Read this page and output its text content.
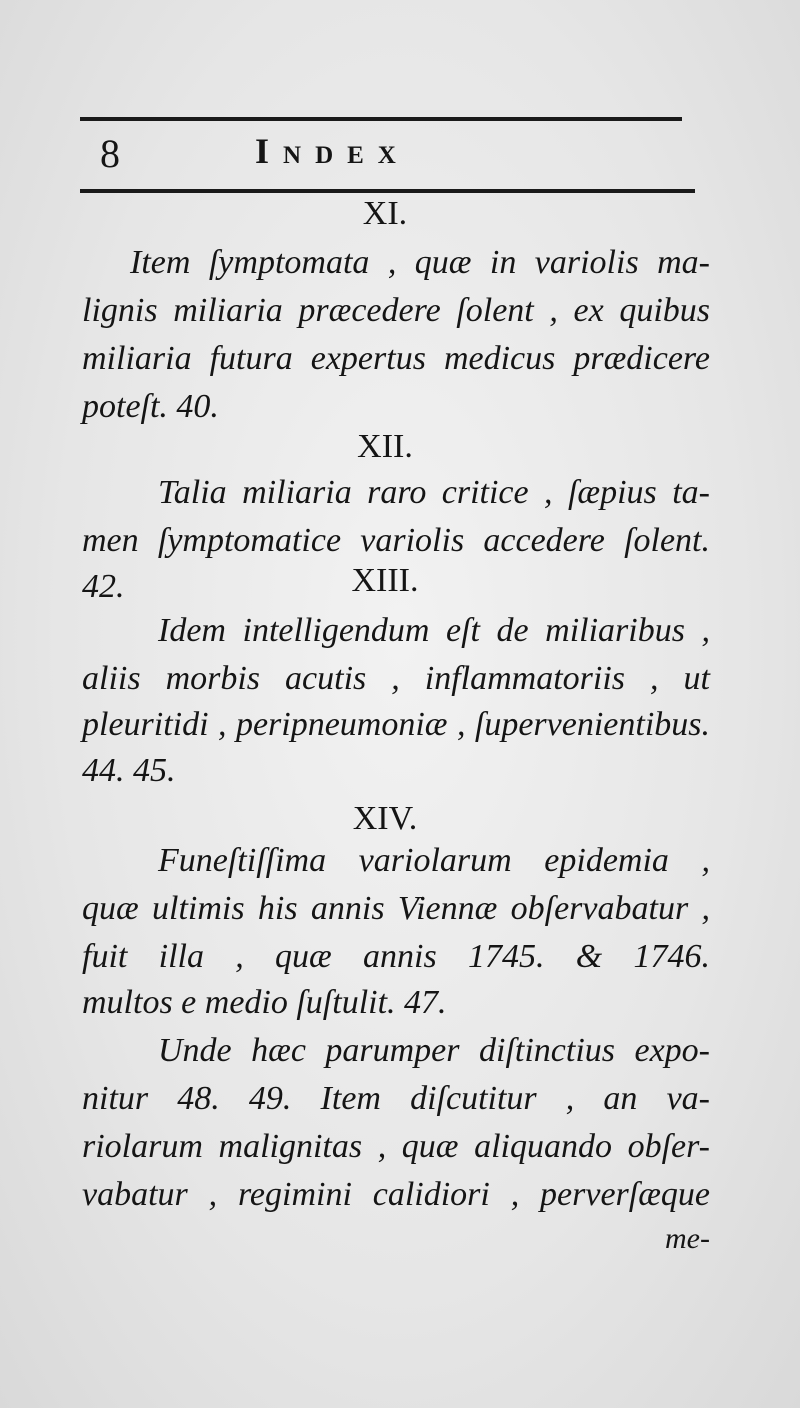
8	Index
XI.
Item ſymptomata , quæ in variolis ma-
lignis miliaria præcedere ſolent , ex quibus
miliaria futura expertus medicus prædicere
poteſt. 40.
XII.
Talia miliaria raro critice , ſæpius ta-
men ſymptomatice variolis accedere ſolent.
42.	XIII.
Idem intelligendum eſt de miliaribus ,
aliis morbis acutis , inflammatoriis , ut
pleuritidi , peripneumoniæ , ſupervenientibus.
44. 45.
XIV.
Funeſtiſſima variolarum epidemia ,
quæ ultimis his annis Viennæ obſervabatur ,
fuit illa , quæ annis 1745. & 1746.
multos e medio ſuſtulit. 47.
Unde hæc parumper diſtinctius expo-
nitur 48. 49. Item diſcutitur , an va-
riolarum malignitas , quæ aliquando obſer-
vabatur , regimini calidiori , perverſæque
me-
